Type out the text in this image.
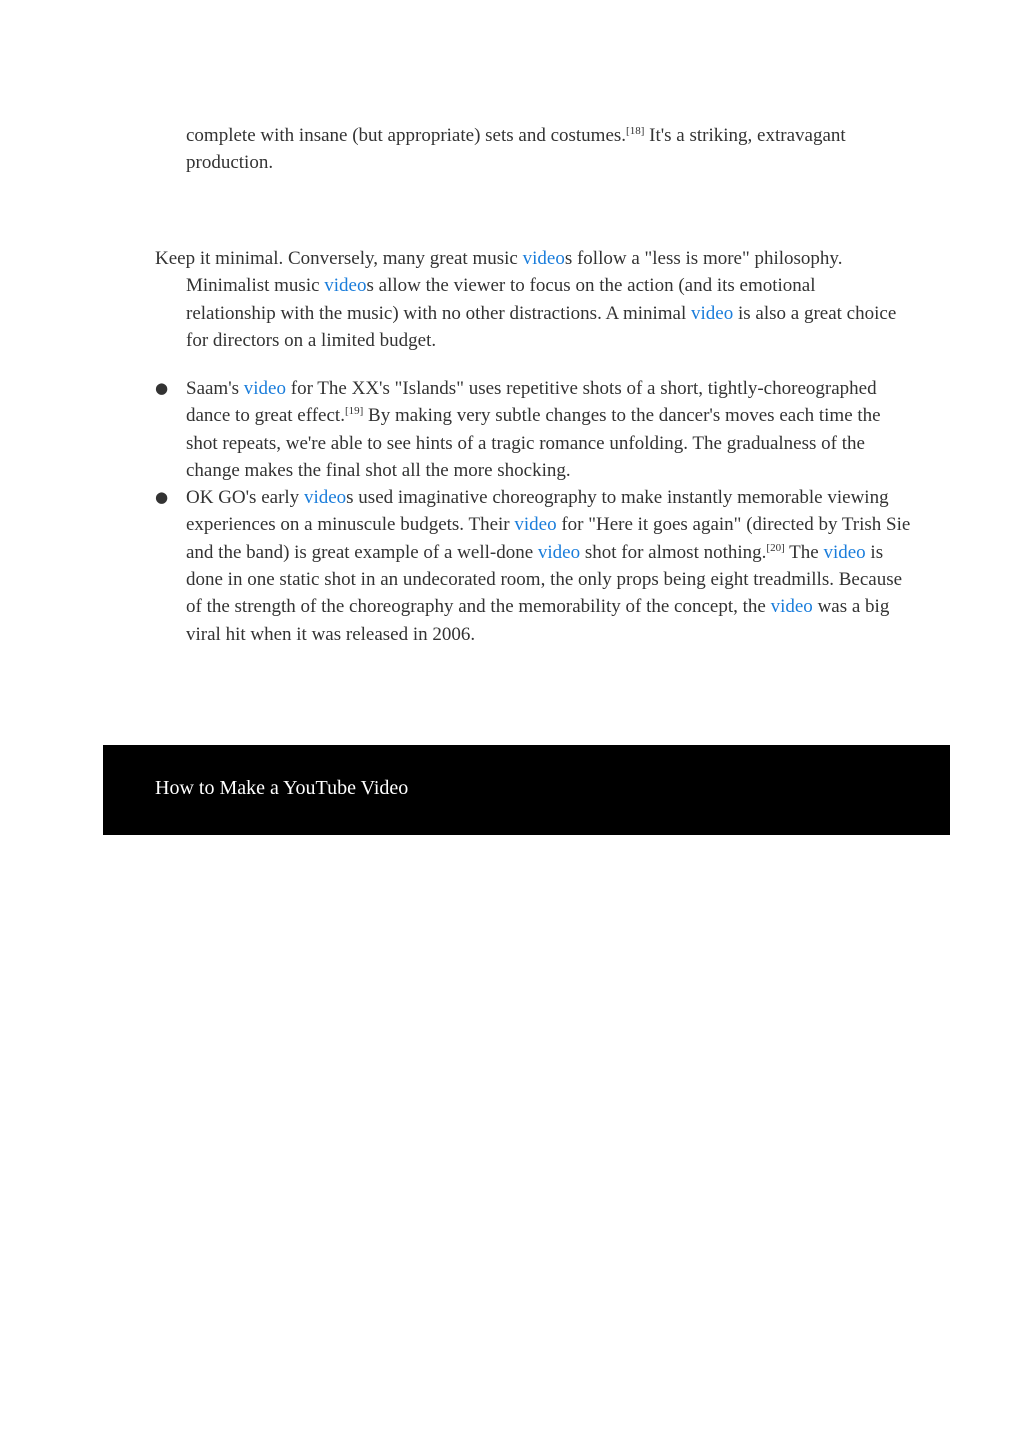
complete with insane (but appropriate) sets and costumes.[18] It's a striking, extravagant production.

Keep it minimal. Conversely, many great music videos follow a "less is more" philosophy. Minimalist music videos allow the viewer to focus on the action (and its emotional relationship with the music) with no other distractions. A minimal video is also a great choice for directors on a limited budget.

● Saam's video for The XX's "Islands" uses repetitive shots of a short, tightly-choreographed dance to great effect.[19] By making very subtle changes to the dancer's moves each time the shot repeats, we're able to see hints of a tragic romance unfolding. The gradualness of the change makes the final shot all the more shocking.
● OK GO's early videos used imaginative choreography to make instantly memorable viewing experiences on a minuscule budgets. Their video for "Here it goes again" (directed by Trish Sie and the band) is great example of a well-done video shot for almost nothing.[20] The video is done in one static shot in an undecorated room, the only props being eight treadmills. Because of the strength of the choreography and the memorability of the concept, the video was a big viral hit when it was released in 2006.
How to Make a YouTube Video
